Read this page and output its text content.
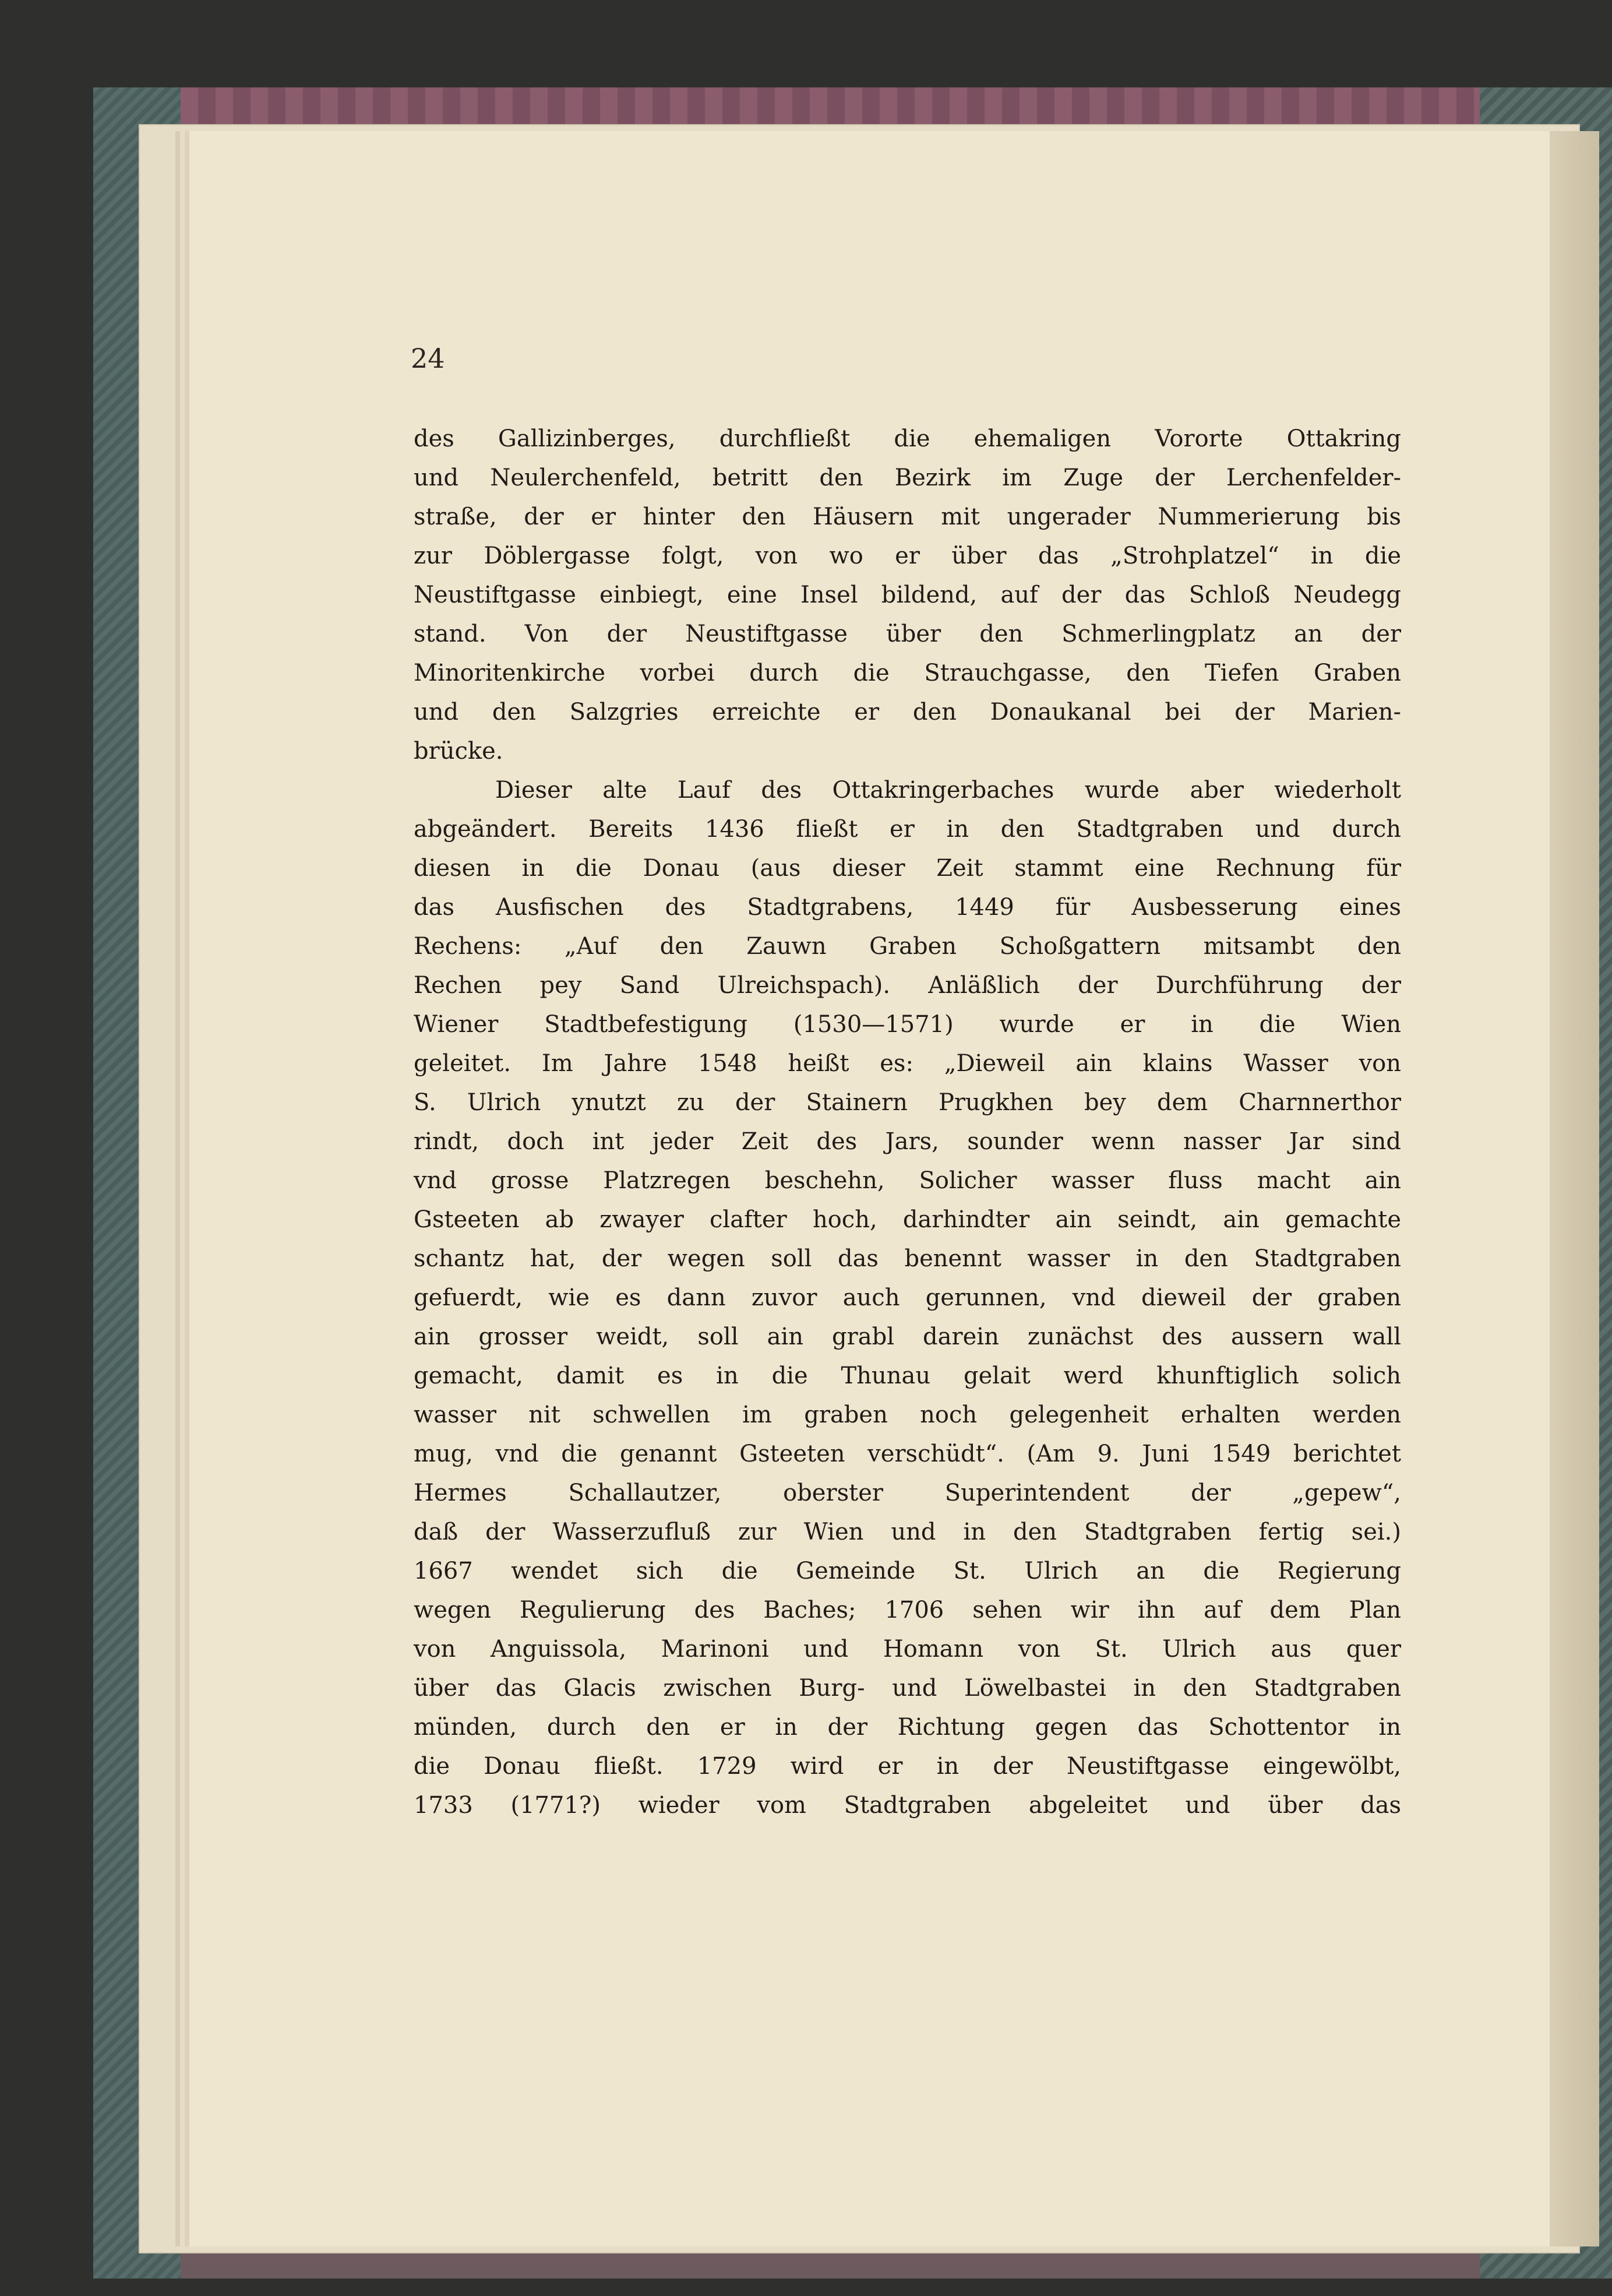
24
des Gallizinberges, durchfließt die ehemaligen Vororte Ottakring
und Neulerchenfeld, betritt den Bezirk im Zuge der Lerchenfelder-
straße, der er hinter den Häusern mit ungerader Nummerierung bis
zur Döblergasse folgt, von wo er über das „Strohplatzel“ in die
Neustiftgasse einbiegt, eine Insel bildend, auf der das Schloß Neudegg
stand. Von der Neustiftgasse über den Schmerlingplatz an der
Minoritenkirche vorbei durch die Strauchgasse, den Tiefen Graben
und den Salzgries erreichte er den Donaukanal bei der Marien-
brücke.
Dieser alte Lauf des Ottakringerbaches wurde aber wiederholt
abgeändert. Bereits 1436 fließt er in den Stadtgraben und durch
diesen in die Donau (aus dieser Zeit stammt eine Rechnung für
das Ausfischen des Stadtgrabens, 1449 für Ausbesserung eines
Rechens: „Auf den Zauwn Graben Schoßgattern mitsambt den
Rechen pey Sand Ulreichspach). Anläßlich der Durchführung der
Wiener Stadtbefestigung (1530—1571) wurde er in die Wien
geleitet. Im Jahre 1548 heißt es: „Dieweil ain klains Wasser von
S. Ulrich ynutzt zu der Stainern Prugkhen bey dem Charnnerthor
rindt, doch int jeder Zeit des Jars, sounder wenn nasser Jar sind
vnd grosse Platzregen beschehn, Solicher wasser fluss macht ain
Gsteeten ab zwayer clafter hoch, darhindter ain seindt, ain gemachte
schantz hat, der wegen soll das benennt wasser in den Stadtgraben
gefuerdt, wie es dann zuvor auch gerunnen, vnd dieweil der graben
ain grosser weidt, soll ain grabl darein zunächst des aussern wall
gemacht, damit es in die Thunau gelait werd khunftiglich solich
wasser nit schwellen im graben noch gelegenheit erhalten werden
mug, vnd die genannt Gsteeten verschüdt“. (Am 9. Juni 1549 berichtet
Hermes Schallautzer, oberster Superintendent der „gepew“,
daß der Wasserzufluß zur Wien und in den Stadtgraben fertig sei.)
1667 wendet sich die Gemeinde St. Ulrich an die Regierung
wegen Regulierung des Baches; 1706 sehen wir ihn auf dem Plan
von Anguissola, Marinoni und Homann von St. Ulrich aus quer
über das Glacis zwischen Burg- und Löwelbastei in den Stadtgraben
münden, durch den er in der Richtung gegen das Schottentor in
die Donau fließt. 1729 wird er in der Neustiftgasse eingewölbt,
1733 (1771?) wieder vom Stadtgraben abgeleitet und über das
